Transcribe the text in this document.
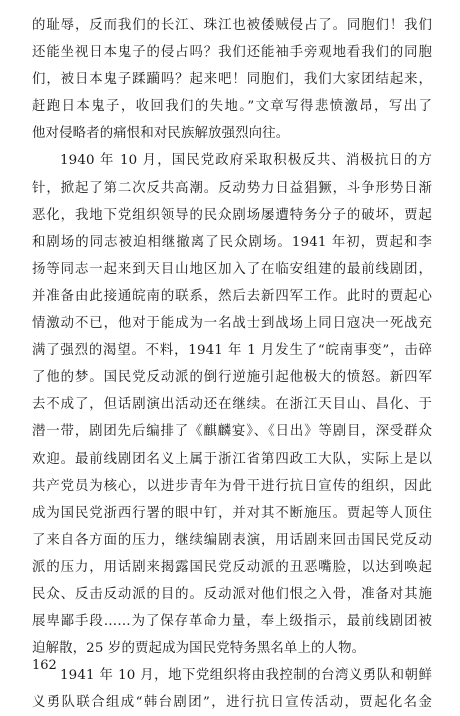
的耻辱，反而我们的长江、珠江也被倭贼侵占了。同胞们！我们
还能坐视日本鬼子的侵占吗？我们还能袖手旁观地看我们的同胞
们，被日本鬼子蹂躏吗？起来吧！同胞们，我们大家团结起来，
赶跑日本鬼子，收回我们的失地。”文章写得悲愤激昂，写出了
他对侵略者的痛恨和对民族解放强烈向往。
1940 年 10 月，国民党政府采取积极反共、消极抗日的方
针，掀起了第二次反共高潮。反动势力日益猖獗，斗争形势日渐
恶化，我地下党组织领导的民众剧场屡遭特务分子的破坏，贾起
和剧场的同志被迫相继撤离了民众剧场。1941 年初，贾起和李
扬等同志一起来到天目山地区加入了在临安组建的最前线剧团，
并准备由此接通皖南的联系，然后去新四军工作。此时的贾起心
情激动不已，他对于能成为一名战士到战场上同日寇决一死战充
满了强烈的渴望。不料，1941 年 1 月发生了“皖南事变”，击碎
了他的梦。国民党反动派的倒行逆施引起他极大的愤怒。新四军
去不成了，但话剧演出活动还在继续。在浙江天目山、昌化、于
潜一带，剧团先后编排了《麒麟宴》、《日出》等剧目，深受群众
欢迎。最前线剧团名义上属于浙江省第四政工大队，实际上是以
共产党员为核心，以进步青年为骨干进行抗日宣传的组织，因此
成为国民党浙西行署的眼中钉，并对其不断施压。贾起等人顶住
了来自各方面的压力，继续编剧表演，用话剧来回击国民党反动
派的压力，用话剧来揭露国民党反动派的丑恶嘴脸，以达到唤起
民众、反击反动派的目的。反动派对他们恨之入骨，准备对其施
展卑鄙手段……为了保存革命力量，奉上级指示，最前线剧团被
迫解散，25 岁的贾起成为国民党特务黑名单上的人物。
1941 年 10 月，地下党组织将由我控制的台湾义勇队和朝鲜
义勇队联合组成“韩台剧团”，进行抗日宣传活动，贾起化名金
162
